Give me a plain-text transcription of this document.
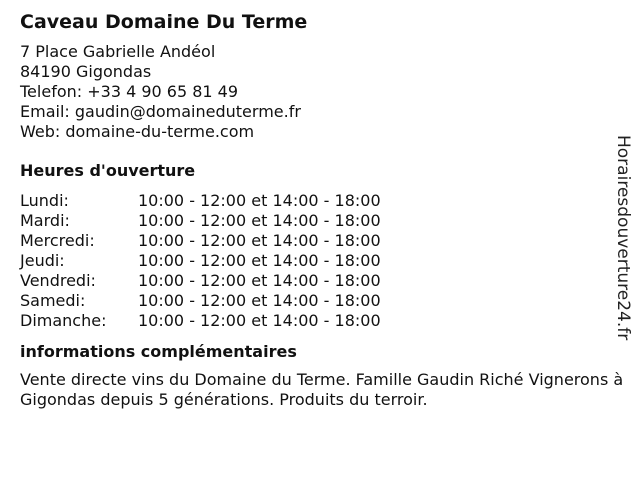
Caveau Domaine Du Terme
7 Place Gabrielle Andéol
84190 Gigondas
Telefon: +33 4 90 65 81 49
Email: gaudin@domaineduterme.fr
Web: domaine-du-terme.com
Heures d'ouverture
Lundi:	10:00 - 12:00 et 14:00 - 18:00
Mardi:	10:00 - 12:00 et 14:00 - 18:00
Mercredi:	10:00 - 12:00 et 14:00 - 18:00
Jeudi:	10:00 - 12:00 et 14:00 - 18:00
Vendredi:	10:00 - 12:00 et 14:00 - 18:00
Samedi:	10:00 - 12:00 et 14:00 - 18:00
Dimanche:	10:00 - 12:00 et 14:00 - 18:00
informations complémentaires
Vente directe vins du Domaine du Terme. Famille Gaudin Riché Vignerons à Gigondas depuis 5 générations. Produits du terroir.
Horairesdouverture24.fr
